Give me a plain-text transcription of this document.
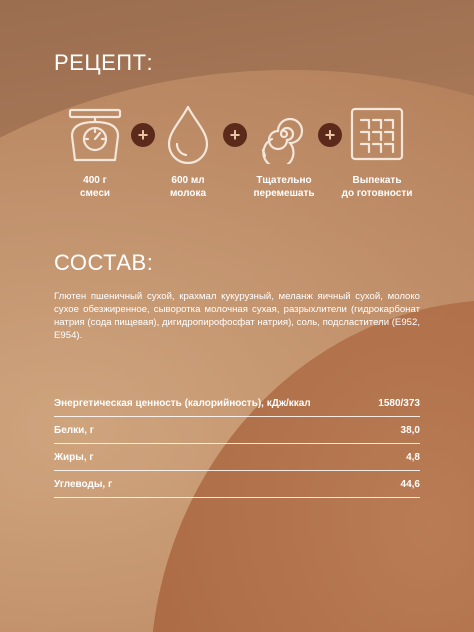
РЕЦЕПТ:
+	+	+
400 г
смеси
600 мл
молока
Тщательно
перемешать
Выпекать
до готовности
СОСТАВ:

Глютен пшеничный сухой, крахмал кукурузный, меланж яичный сухой, молоко сухое обезжиренное, сыворотка молочная сухая, разрыхлители (гидрокарбонат натрия (сода пищевая), дигидропирофосфат натрия), соль, подсластители (Е952, Е954).

Энергетическая ценность (калорийность), кДж/ккал	1580/373
Белки, г	38,0
Жиры, г	4,8
Углеводы, г	44,6
